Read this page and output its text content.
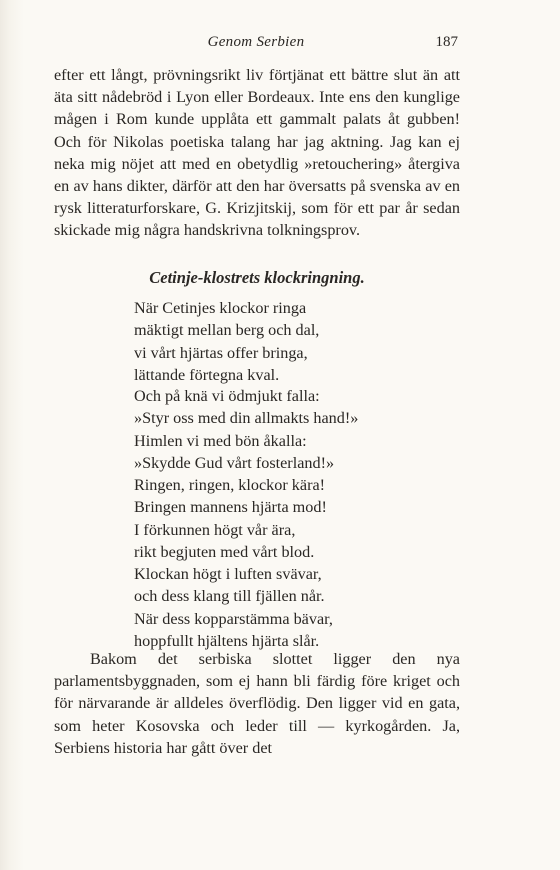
Genom Serbien	187

efter ett långt, prövningsrikt liv förtjänat ett bättre slut än att äta sitt nådebröd i Lyon eller Bordeaux. Inte ens den kunglige mågen i Rom kunde upplåta ett gammalt palats åt gubben! Och för Nikolas poetiska talang har jag aktning. Jag kan ej neka mig nöjet att med en obetydlig »retouchering» återgiva en av hans dikter, därför att den har översatts på svenska av en rysk litteraturforskare, G. Krizjitskij, som för ett par år sedan skickade mig några handskrivna tolkningsprov.

Cetinje-klostrets klockringning.
När Cetinjes klockor ringa
mäktigt mellan berg och dal,
vi vårt hjärtas offer bringa,
lättande förtegna kval.
Och på knä vi ödmjukt falla:
»Styr oss med din allmakts hand!»
Himlen vi med bön åkalla:
»Skydde Gud vårt fosterland!»
Ringen, ringen, klockor kära!
Bringen mannens hjärta mod!
I förkunnen högt vår ära,
rikt begjuten med vårt blod.
Klockan högt i luften svävar,
och dess klang till fjällen når.
När dess kopparstämma bävar,
hoppfullt hjältens hjärta slår.

Bakom det serbiska slottet ligger den nya parlamentsbyggnaden, som ej hann bli färdig före kriget och för närvarande är alldeles överflödig. Den ligger vid en gata, som heter Kosovska och leder till — kyrkogården. Ja, Serbiens historia har gått över det
